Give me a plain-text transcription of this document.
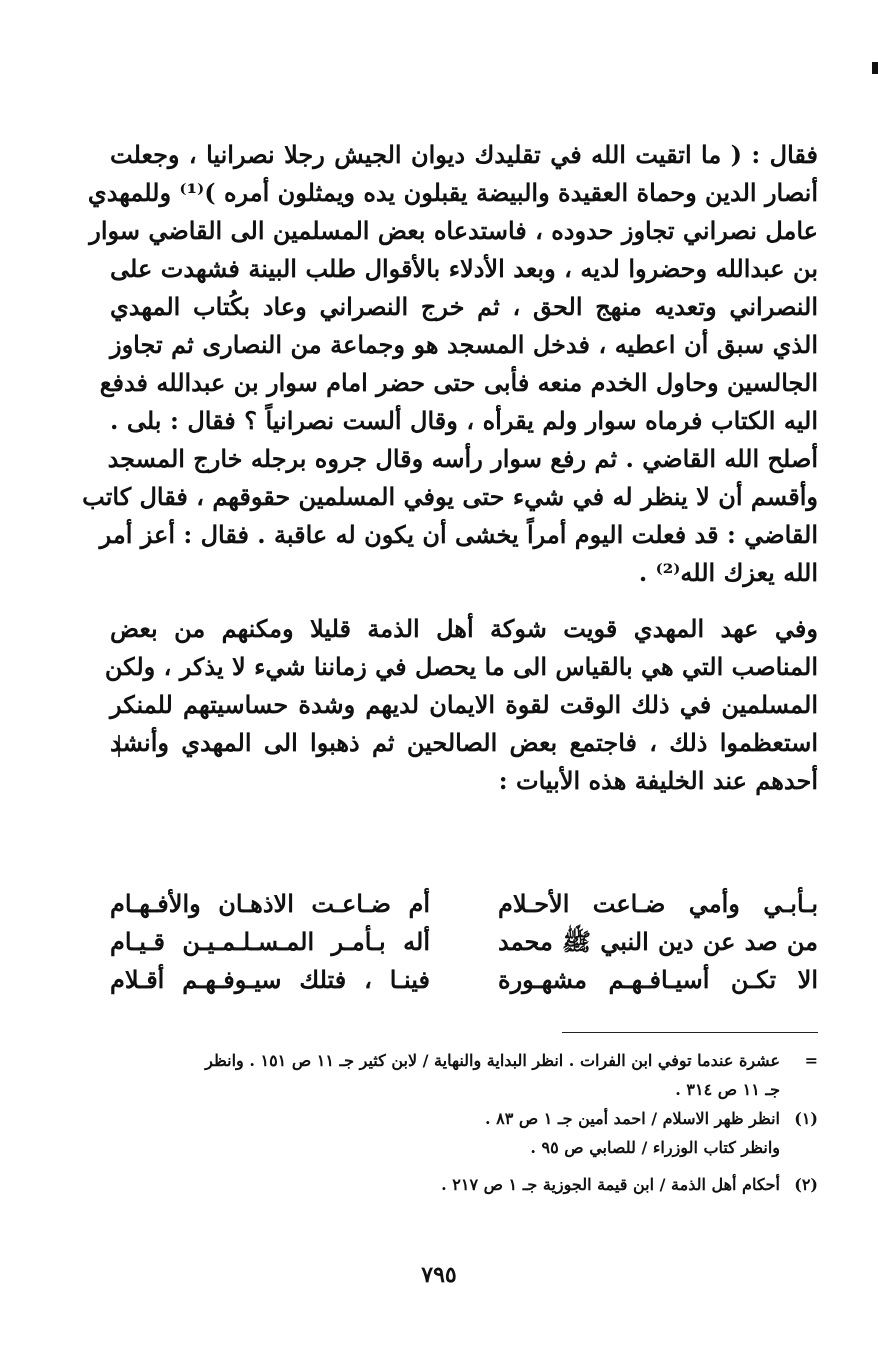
فقال : ( ما اتقيت الله في تقليدك ديوان الجيش رجلا نصرانيا ، وجعلت
أنصار الدين وحماة العقيدة والبيضة يقبلون يده ويمثلون أمره )⁽¹⁾ وللمهدي
عامل نصراني تجاوز حدوده ، فاستدعاه بعض المسلمين الى القاضي سوار
بن عبدالله وحضروا لديه ، وبعد الأدلاء بالأقوال طلب البينة فشهدت على
النصراني وتعديه منهج الحق ، ثم خرج النصراني وعاد بكُتاب المهدي
الذي سبق أن اعطيه ، فدخل المسجد هو وجماعة من النصارى ثم تجاوز
الجالسين وحاول الخدم منعه فأبى حتى حضر امام سوار بن عبدالله فدفع
اليه الكتاب فرماه سوار ولم يقرأه ، وقال ألست نصرانياً ؟ فقال : بلى .
أصلح الله القاضي . ثم رفع سوار رأسه وقال جروه برجله خارج المسجد
وأقسم أن لا ينظر له في شيء حتى يوفي المسلمين حقوقهم ، فقال كاتب
القاضي : قد فعلت اليوم أمراً يخشى أن يكون له عاقبة . فقال : أعز أمر
الله يعزك الله⁽²⁾ .
وفي عهد المهدي قويت شوكة أهل الذمة قليلا ومكنهم من بعض
المناصب التي هي بالقياس الى ما يحصل في زماننا شيء لا يذكر ، ولكن
المسلمين في ذلك الوقت لقوة الايمان لديهم وشدة حساسيتهم للمنكر
استعظموا ذلك ، فاجتمع بعض الصالحين ثم ذهبوا الى المهدي وأنشد
أحدهم عند الخليفة هذه الأبيات :
بـأبـي وأمي ضـاعت الأحـلام
أم ضـاعـت الاذهـان والأفـهـام
من صد عن دين النبي ﷺ محمد
أله بـأمـر المـسـلـمـيـن قـيـام
الا تكـن أسيـافـهـم مشهـورة
فينـا ، فتلك سيـوفـهـم أقـلام
=عشرة عندما توفي ابن الفرات . انظر البداية والنهاية / لابن كثير جـ ١١ ص ١٥١ . وانظر
جـ ١١ ص ٣١٤ .
(١)انظر ظهر الاسلام / احمد أمين جـ ١ ص ٨٣ .
وانظر كتاب الوزراء / للصابي ص ٩٥ .
(٢)أحكام أهل الذمة / ابن قيمة الجوزية جـ ١ ص ٢١٧ .
٧٩٥
